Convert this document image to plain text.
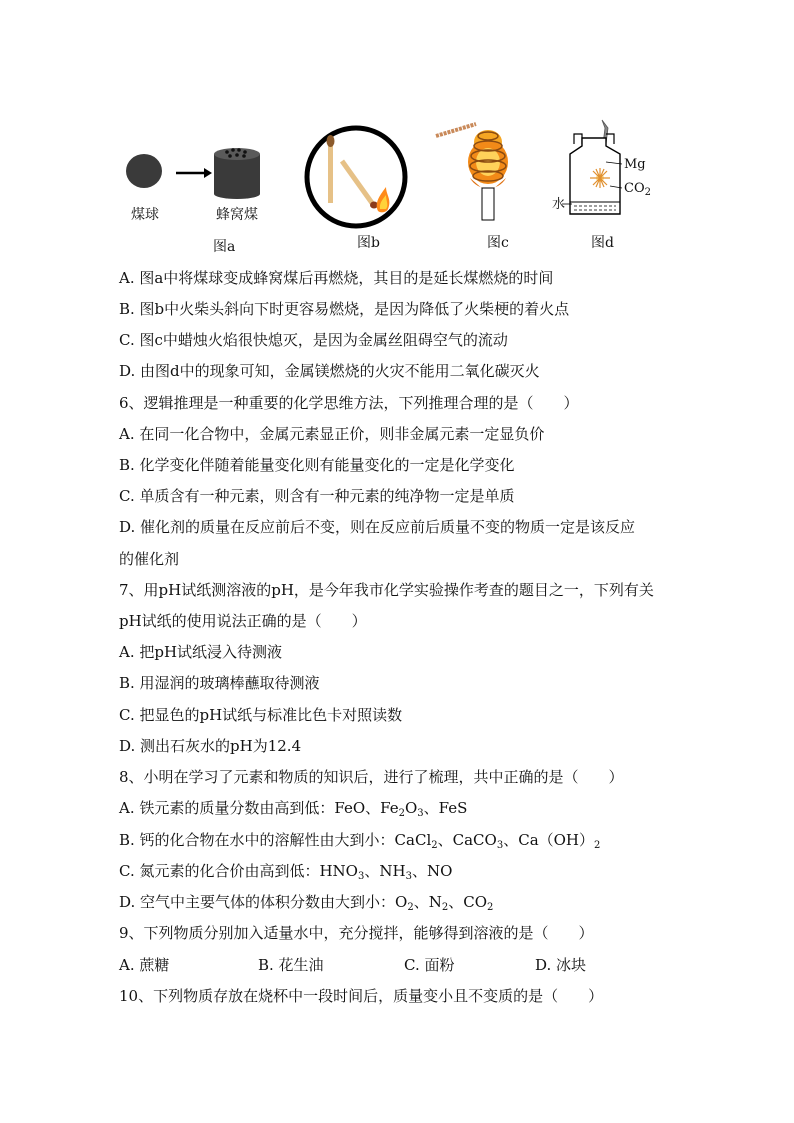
煤球	蜂窝煤
图a	图b	图c
Mg
$CO_2$
水
图d
A. 图a中将煤球变成蜂窝煤后再燃烧，其目的是延长煤燃烧的时间
B. 图b中火柴头斜向下时更容易燃烧，是因为降低了火柴梗的着火点
C. 图c中蜡烛火焰很快熄灭，是因为金属丝阻碍空气的流动
D. 由图d中的现象可知，金属镁燃烧的火灾不能用二氧化碳灭火
6、逻辑推理是一种重要的化学思维方法，下列推理合理的是（　　）
A. 在同一化合物中，金属元素显正价，则非金属元素一定显负价
B. 化学变化伴随着能量变化则有能量变化的一定是化学变化
C. 单质含有一种元素，则含有一种元素的纯净物一定是单质
D. 催化剂的质量在反应前后不变，则在反应前后质量不变的物质一定是该反应
的催化剂
7、用pH试纸测溶液的pH，是今年我市化学实验操作考查的题目之一，下列有关
pH试纸的使用说法正确的是（　　）
A. 把pH试纸浸入待测液
B. 用湿润的玻璃棒蘸取待测液
C. 把显色的pH试纸与标准比色卡对照读数
D. 测出石灰水的pH为12.4
8、小明在学习了元素和物质的知识后，进行了梳理，共中正确的是（　　）
A. 铁元素的质量分数由高到低：FeO、$Fe_2O_3$、FeS
B. 钙的化合物在水中的溶解性由大到小：CaCl$_2$、CaCO$_3$、$Ca(OH)_2$
C. 氮元素的化合价由高到低：$HNO_3$、$NH_3$、NO
D. 空气中主要气体的体积分数由大到小：$O_2$、$N_2$、$CO_2$
9、下列物质分别加入适量水中，充分搅拌，能够得到溶液的是（　　）
A. 蔗糖	B. 花生油	C. 面粉	D. 冰块
10、下列物质存放在烧杯中一段时间后，质量变小且不变质的是（　　）
